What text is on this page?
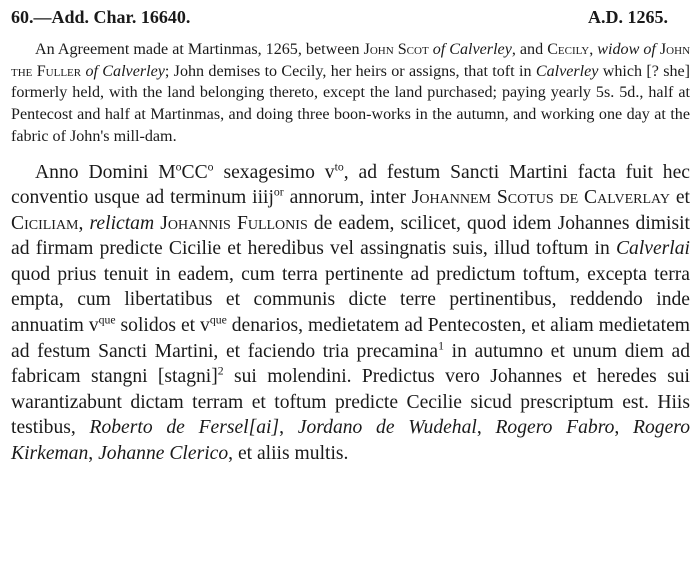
60.—Add. Char. 16640.	A.D. 1265.

An Agreement made at Martinmas, 1265, between John Scot of Calverley, and Cecily, widow of John the Fuller of Calverley; John demises to Cecily, her heirs or assigns, that toft in Calverley which [? she] formerly held, with the land belonging thereto, except the land purchased; paying yearly 5s. 5d., half at Pentecost and half at Martinmas, and doing three boon-works in the autumn, and working one day at the fabric of John's mill-dam.

Anno Domini $M^oCC^o$ sexagesimo $v^{to}$, ad festum Sancti Martini facta fuit hec conventio usque ad terminum iiij$^{or}$ annorum, inter Johannem Scotus de Calverlay et Ciciliam, relictam Johannis Fullonis de eadem, scilicet, quod idem Johannes dimisit ad firmam predicte Cicilie et heredibus vel assingnatis suis, illud toftum in Calverlai quod prius tenuit in eadem, cum terra pertinente ad predictum toftum, excepta terra empta, cum libertatibus et communis dicte terre pertinentibus, reddendo inde annuatim $v^{que}$ solidos et $v^{que}$ denarios, medietatem ad Pentecosten, et aliam medietatem ad festum Sancti Martini, et faciendo tria precamina$^1$ in autumno et unum diem ad fabricam stangni [stagni]$^2$ sui molendini. Predictus vero Johannes et heredes sui warantizabunt dictam terram et toftum predicte Cecilie sicud prescriptum est. Hiis testibus, Roberto de Fersel[ai], Jordano de Wudehal, Rogero Fabro, Rogero Kirkeman, Johanne Clerico, et aliis multis.
